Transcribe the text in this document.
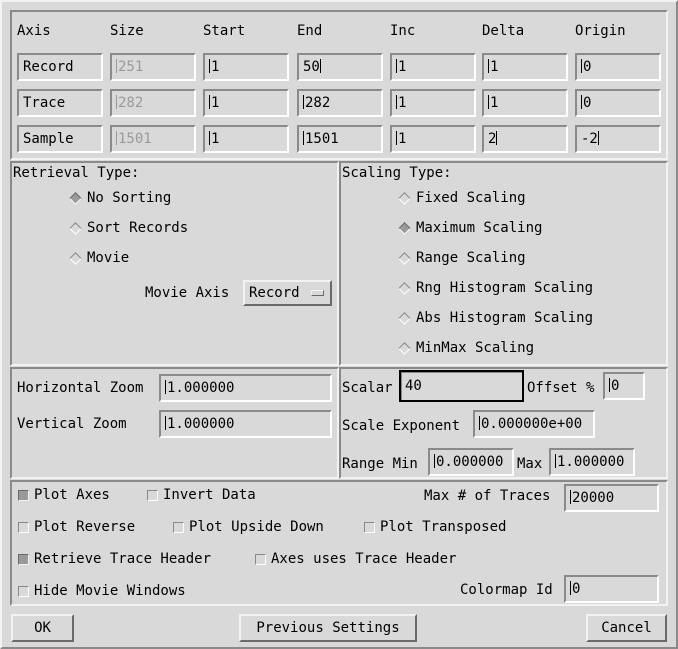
Axis	Size	Start	End	Inc	Delta	Origin
Record	251	1	50	1	1	0
Trace	282	1	282	1	1	0
Sample	1501	1	1501	1	2	-2
Retrieval Type:
No Sorting
Sort Records
Movie
Movie Axis	Record
Scaling Type:
Fixed Scaling
Maximum Scaling
Range Scaling
Rng Histogram Scaling
Abs Histogram Scaling
MinMax Scaling
Horizontal Zoom	1.000000
Vertical Zoom	1.000000
Scalar 40	Offset %	0
Scale Exponent	0.000000e+00
Range Min	0.000000 Max	1.000000
Plot Axes	Invert Data	Max # of Traces	20000
Plot Reverse	Plot Upside Down	Plot Transposed
Retrieve Trace Header	Axes uses Trace Header
Hide Movie Windows	Colormap Id	0
OK	Previous Settings	Cancel
